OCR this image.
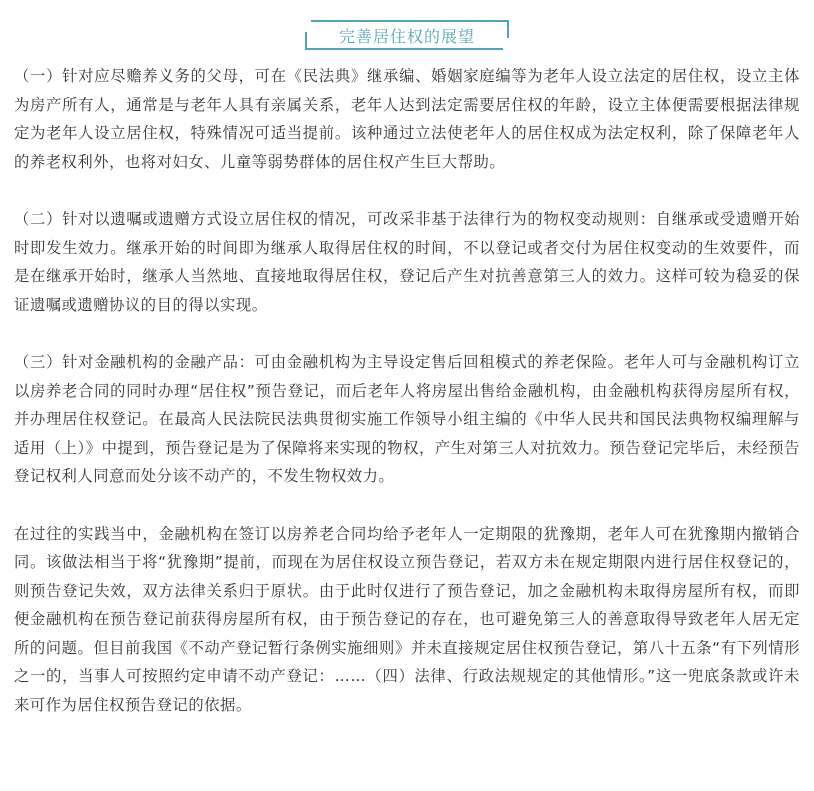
完善居住权的展望

（一）针对应尽赡养义务的父母，可在《民法典》继承编、婚姻家庭编等为老年人设立法定的居住权，设立主体为房产所有人，通常是与老年人具有亲属关系，老年人达到法定需要居住权的年龄，设立主体便需要根据法律规定为老年人设立居住权，特殊情况可适当提前。该种通过立法使老年人的居住权成为法定权利，除了保障老年人的养老权利外，也将对妇女、儿童等弱势群体的居住权产生巨大帮助。

（二）针对以遗嘱或遗赠方式设立居住权的情况，可改采非基于法律行为的物权变动规则：自继承或受遗赠开始时即发生效力。继承开始的时间即为继承人取得居住权的时间，不以登记或者交付为居住权变动的生效要件，而是在继承开始时，继承人当然地、直接地取得居住权，登记后产生对抗善意第三人的效力。这样可较为稳妥的保证遗嘱或遗赠协议的目的得以实现。

（三）针对金融机构的金融产品：可由金融机构为主导设定售后回租模式的养老保险。老年人可与金融机构订立以房养老合同的同时办理“居住权”预告登记，而后老年人将房屋出售给金融机构，由金融机构获得房屋所有权，并办理居住权登记。在最高人民法院民法典贯彻实施工作领导小组主编的《中华人民共和国民法典物权编理解与适用（上）》中提到，预告登记是为了保障将来实现的物权，产生对第三人对抗效力。预告登记完毕后，未经预告登记权利人同意而处分该不动产的，不发生物权效力。

在过往的实践当中，金融机构在签订以房养老合同均给予老年人一定期限的犹豫期，老年人可在犹豫期内撤销合同。该做法相当于将“犹豫期”提前，而现在为居住权设立预告登记，若双方未在规定期限内进行居住权登记的，则预告登记失效，双方法律关系归于原状。由于此时仅进行了预告登记，加之金融机构未取得房屋所有权，而即便金融机构在预告登记前获得房屋所有权，由于预告登记的存在，也可避免第三人的善意取得导致老年人居无定所的问题。但目前我国《不动产登记暂行条例实施细则》并未直接规定居住权预告登记，第八十五条“有下列情形之一的，当事人可按照约定申请不动产登记：……（四）法律、行政法规规定的其他情形。”这一兜底条款或许未来可作为居住权预告登记的依据。
